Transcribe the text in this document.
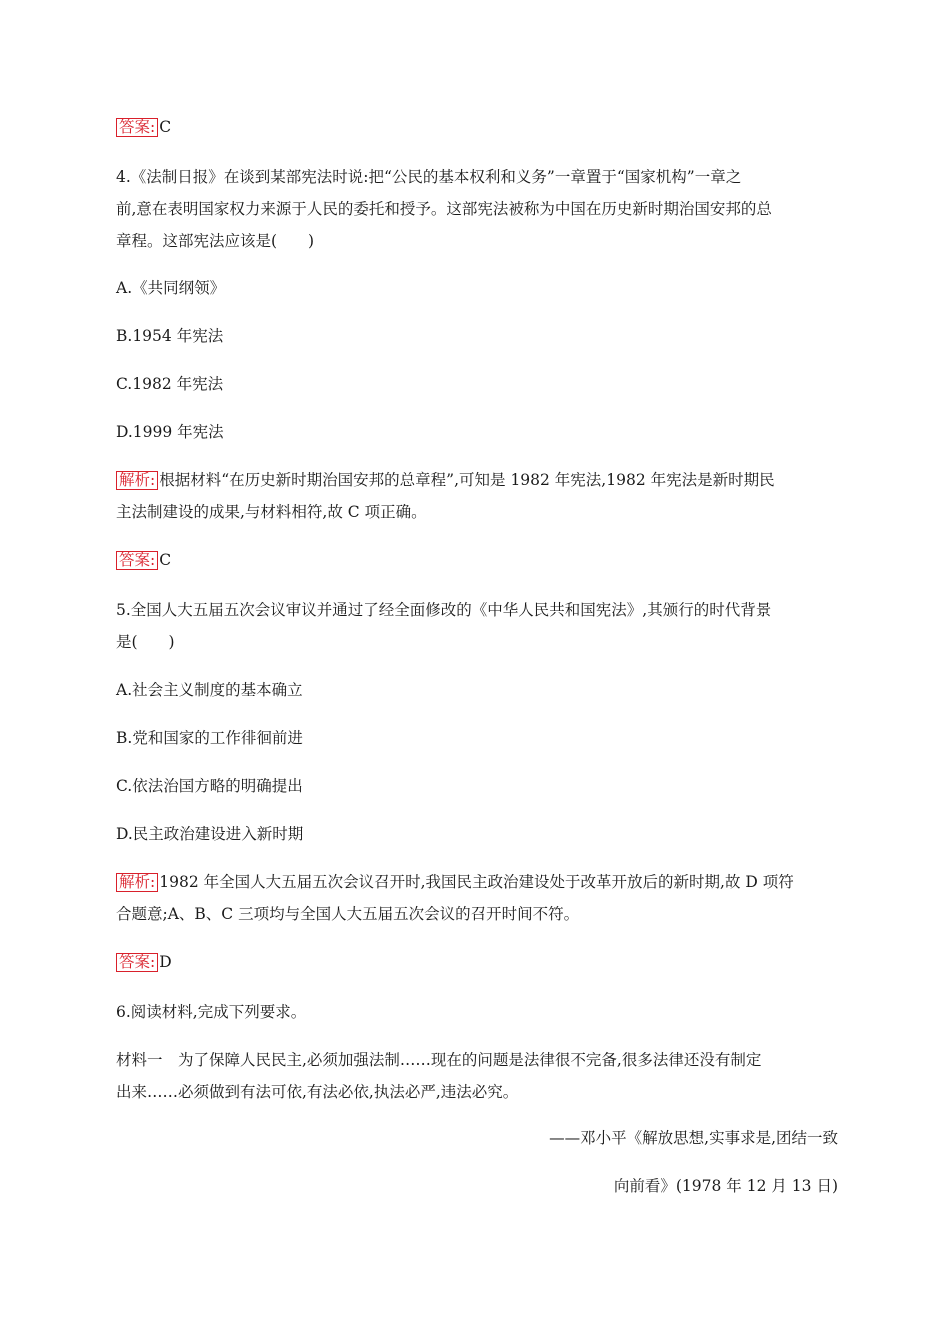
答案: C
4.《法制日报》在谈到某部宪法时说:把“公民的基本权利和义务”一章置于“国家机构”一章之
前,意在表明国家权力来源于人民的委托和授予。这部宪法被称为中国在历史新时期治国安邦的总
章程。这部宪法应该是(　　)
A.《共同纲领》
B.1954 年宪法
C.1982 年宪法
D.1999 年宪法
解析: 根据材料“在历史新时期治国安邦的总章程”,可知是 1982 年宪法,1982 年宪法是新时期民
主法制建设的成果,与材料相符,故 C 项正确。
答案: C
5.全国人大五届五次会议审议并通过了经全面修改的《中华人民共和国宪法》,其颁行的时代背景
是(　　)
A.社会主义制度的基本确立
B.党和国家的工作徘徊前进
C.依法治国方略的明确提出
D.民主政治建设进入新时期
解析: 1982 年全国人大五届五次会议召开时,我国民主政治建设处于改革开放后的新时期,故 D 项符
合题意;A、B、C 三项均与全国人大五届五次会议的召开时间不符。
答案: D
6.阅读材料,完成下列要求。
材料一　为了保障人民民主,必须加强法制……现在的问题是法律很不完备,很多法律还没有制定
出来……必须做到有法可依,有法必依,执法必严,违法必究。
——邓小平《解放思想,实事求是,团结一致
向前看》(1978 年 12 月 13 日)
